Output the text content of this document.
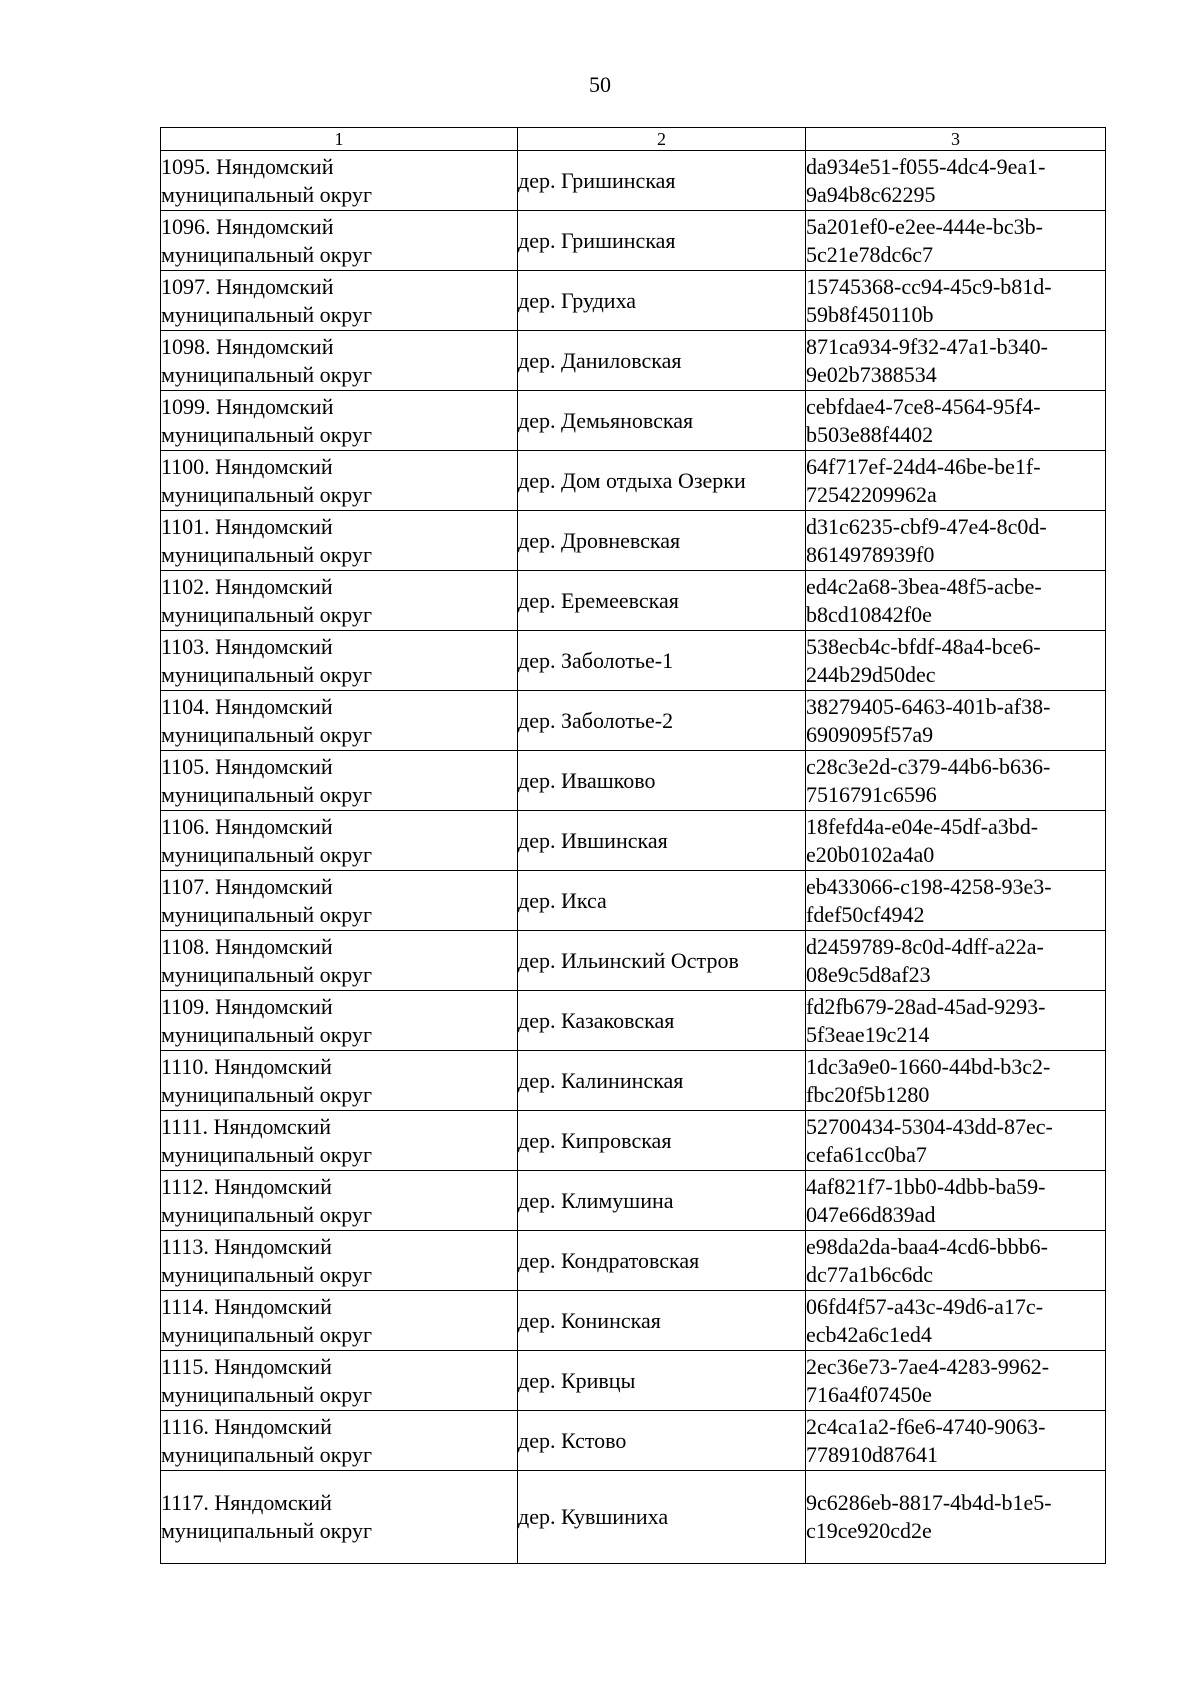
50
1	2	3

1095. Няндомский
муниципальный округ	дер. Гришинская	da934e51-f055-4dc4-9ea1-
9a94b8c62295

1096. Няндомский
муниципальный округ	дер. Гришинская	5a201ef0-e2ee-444e-bc3b-
5c21e78dc6c7

1097. Няндомский
муниципальный округ	дер. Грудиха	15745368-cc94-45c9-b81d-
59b8f450110b

1098. Няндомский
муниципальный округ	дер. Даниловская	871ca934-9f32-47a1-b340-
9e02b7388534

1099. Няндомский
муниципальный округ	дер. Демьяновская	cebfdae4-7ce8-4564-95f4-
b503e88f4402

1100. Няндомский
муниципальный округ	дер. Дом отдыха Озерки	64f717ef-24d4-46be-be1f-
72542209962a

1101. Няндомский
муниципальный округ	дер. Дровневская	d31c6235-cbf9-47e4-8c0d-
8614978939f0

1102. Няндомский
муниципальный округ	дер. Еремеевская	ed4c2a68-3bea-48f5-acbe-
b8cd10842f0e

1103. Няндомский
муниципальный округ	дер. Заболотье-1	538ecb4c-bfdf-48a4-bce6-
244b29d50dec

1104. Няндомский
муниципальный округ	дер. Заболотье-2	38279405-6463-401b-af38-
6909095f57a9

1105. Няндомский
муниципальный округ	дер. Ивашково	c28c3e2d-c379-44b6-b636-
7516791c6596

1106. Няндомский
муниципальный округ	дер. Ившинская	18fefd4a-e04e-45df-a3bd-
e20b0102a4a0

1107. Няндомский
муниципальный округ	дер. Икса	eb433066-c198-4258-93e3-
fdef50cf4942

1108. Няндомский
муниципальный округ	дер. Ильинский Остров	d2459789-8c0d-4dff-a22a-
08e9c5d8af23

1109. Няндомский
муниципальный округ	дер. Казаковская	fd2fb679-28ad-45ad-9293-
5f3eae19c214

1110. Няндомский
муниципальный округ	дер. Калининская	1dc3a9e0-1660-44bd-b3c2-
fbc20f5b1280

1111. Няндомский
муниципальный округ	дер. Кипровская	52700434-5304-43dd-87ec-
cefa61cc0ba7

1112. Няндомский
муниципальный округ	дер. Климушина	4af821f7-1bb0-4dbb-ba59-
047e66d839ad

1113. Няндомский
муниципальный округ	дер. Кондратовская	e98da2da-baa4-4cd6-bbb6-
dc77a1b6c6dc

1114. Няндомский
муниципальный округ	дер. Конинская	06fd4f57-a43c-49d6-a17c-
ecb42a6c1ed4

1115. Няндомский
муниципальный округ	дер. Кривцы	2ec36e73-7ae4-4283-9962-
716a4f07450e

1116. Няндомский
муниципальный округ	дер. Кстово	2c4ca1a2-f6e6-4740-9063-
778910d87641

1117. Няндомский
муниципальный округ	дер. Кувшиниха	9c6286eb-8817-4b4d-b1e5-
c19ce920cd2e
